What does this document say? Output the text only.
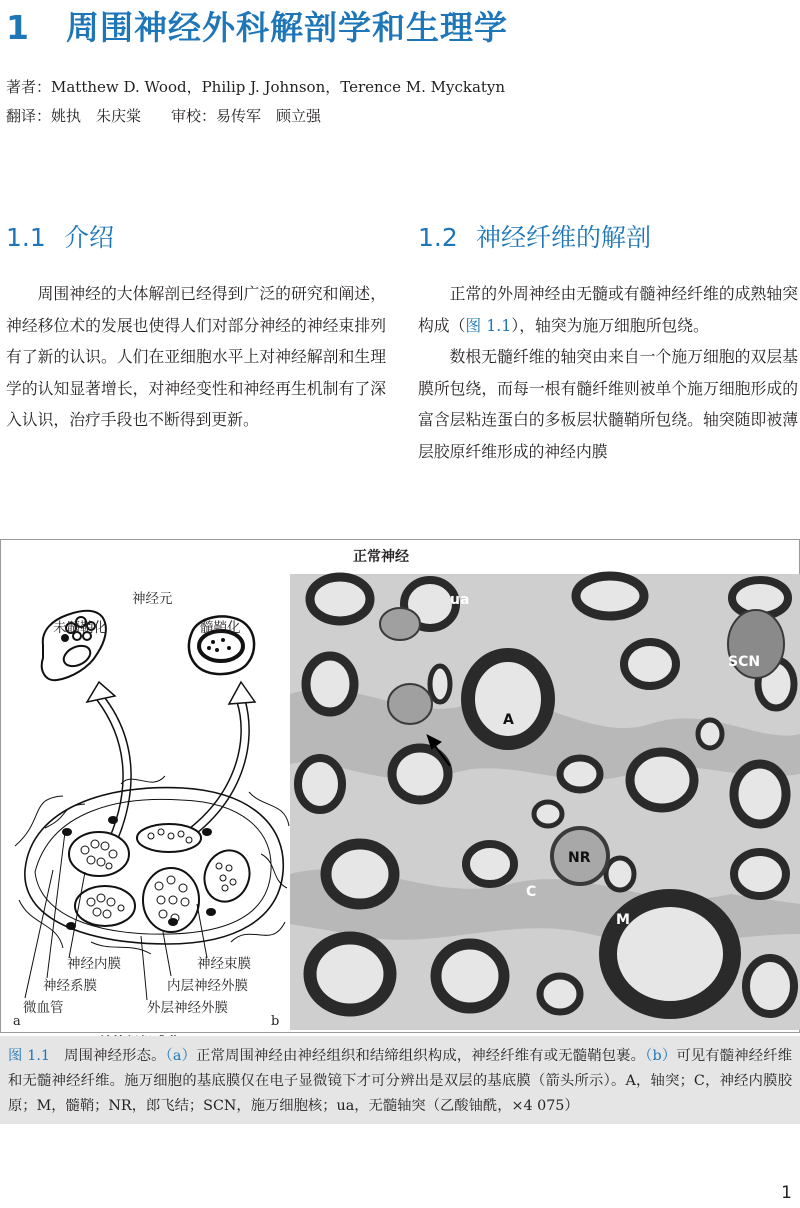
1 周围神经外科解剖学和生理学
著者：Matthew D. Wood，Philip J. Johnson，Terence M. Myckatyn
翻译：姚执　朱庆棠　　审校：易传军　顾立强
1.1 介绍	1.2 神经纤维的解剖

周围神经的大体解剖已经得到广泛的研究和阐述，神经移位术的发展也使得人们对部分神经的神经束排列有了新的认识。人们在亚细胞水平上对神经解剖和生理学的认知显著增长，对神经变性和神经再生机制有了深入认识，治疗手段也不断得到更新。

正常的外周神经由无髓或有髓神经纤维的成熟轴突构成（图 1.1），轴突为施万细胞所包绕。

数根无髓纤维的轴突由来自一个施万细胞的双层基膜所包绕，而每一根有髓纤维则被单个施万细胞形成的富含层粘连蛋白的多板层状髓鞘所包绕。轴突随即被薄层胶原纤维形成的神经内膜

正常神经
神经元
未髓鞘化	髓鞘化
神经内膜
神经系膜
微血管
神经束膜
内层神经外膜
外层神经外膜
a	b
ua
SCN
A
NR
C
M
图 1.1 周围神经形态。（a）正常周围神经由神经组织和结缔组织构成，神经纤维有或无髓鞘包裹。（b）可见有髓神经纤维和无髓神经纤维。施万细胞的基底膜仅在电子显微镜下才可分辨出是双层的基底膜（箭头所示）。A，轴突；C，神经内膜胶原；M，髓鞘；NR，郎飞结；SCN，施万细胞核；ua，无髓轴突（乙酸铀酰，×4 075）
1
